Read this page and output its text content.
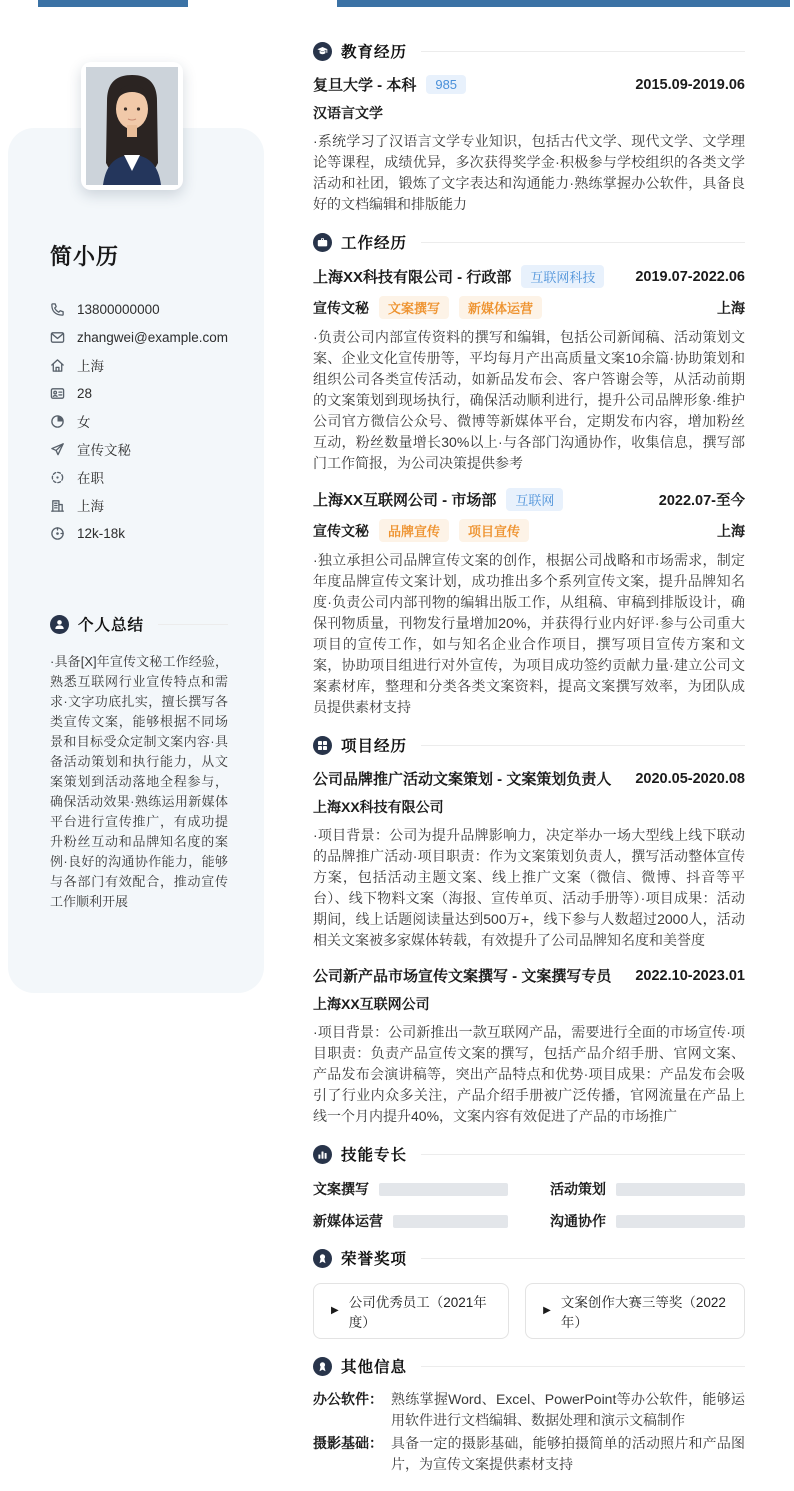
简小历
13800000000
zhangwei@example.com
上海
28
女
宣传文秘
在职
上海
12k-18k
个人总结

·具备[X]年宣传文秘工作经验，熟悉互联网行业宣传特点和需求·文字功底扎实，擅长撰写各类宣传文案，能够根据不同场景和目标受众定制文案内容·具备活动策划和执行能力，从文案策划到活动落地全程参与，确保活动效果·熟练运用新媒体平台进行宣传推广，有成功提升粉丝互动和品牌知名度的案例·良好的沟通协作能力，能够与各部门有效配合，推动宣传工作顺利开展

教育经历
复旦大学 - 本科	985	2015.09-2019.06
汉语言文学

·系统学习了汉语言文学专业知识，包括古代文学、现代文学、文学理论等课程，成绩优异，多次获得奖学金·积极参与学校组织的各类文学活动和社团，锻炼了文字表达和沟通能力·熟练掌握办公软件，具备良好的文档编辑和排版能力

工作经历
上海XX科技有限公司 - 行政部	互联网科技	2019.07-2022.06
宣传文秘	文案撰写	新媒体运营	上海

·负责公司内部宣传资料的撰写和编辑，包括公司新闻稿、活动策划文案、企业文化宣传册等，平均每月产出高质量文案10余篇·协助策划和组织公司各类宣传活动，如新品发布会、客户答谢会等，从活动前期的文案策划到现场执行，确保活动顺利进行，提升公司品牌形象·维护公司官方微信公众号、微博等新媒体平台，定期发布内容，增加粉丝互动，粉丝数量增长30%以上·与各部门沟通协作，收集信息，撰写部门工作简报，为公司决策提供参考

上海XX互联网公司 - 市场部	互联网	2022.07-至今
宣传文秘	品牌宣传	项目宣传	上海

·独立承担公司品牌宣传文案的创作，根据公司战略和市场需求，制定年度品牌宣传文案计划，成功推出多个系列宣传文案，提升品牌知名度·负责公司内部刊物的编辑出版工作，从组稿、审稿到排版设计，确保刊物质量，刊物发行量增加20%，并获得行业内好评·参与公司重大项目的宣传工作，如与知名企业合作项目，撰写项目宣传方案和文案，协助项目组进行对外宣传，为项目成功签约贡献力量·建立公司文案素材库，整理和分类各类文案资料，提高文案撰写效率，为团队成员提供素材支持

项目经历
公司品牌推广活动文案策划 - 文案策划负责人 2020.05-2020.08
上海XX科技有限公司

·项目背景：公司为提升品牌影响力，决定举办一场大型线上线下联动的品牌推广活动·项目职责：作为文案策划负责人，撰写活动整体宣传方案，包括活动主题文案、线上推广文案（微信、微博、抖音等平台）、线下物料文案（海报、宣传单页、活动手册等）·项目成果：活动期间，线上话题阅读量达到500万+，线下参与人数超过2000人，活动相关文案被多家媒体转载，有效提升了公司品牌知名度和美誉度

公司新产品市场宣传文案撰写 - 文案撰写专员 2022.10-2023.01
上海XX互联网公司

·项目背景：公司新推出一款互联网产品，需要进行全面的市场宣传·项目职责：负责产品宣传文案的撰写，包括产品介绍手册、官网文案、产品发布会演讲稿等，突出产品特点和优势·项目成果：产品发布会吸引了行业内众多关注，产品介绍手册被广泛传播，官网流量在产品上线一个月内提升40%，文案内容有效促进了产品的市场推广

技能专长
文案撰写	活动策划
新媒体运营	沟通协作
荣誉奖项
▶
公司优秀员工（2021年度）
▶
文案创作大赛三等奖（2022年）
其他信息
办公软件： 熟练掌握Word、Excel、PowerPoint等办公软件，能够运用软件进行文档编辑、数据处理和演示文稿制作
摄影基础： 具备一定的摄影基础，能够拍摄简单的活动照片和产品图片，为宣传文案提供素材支持
